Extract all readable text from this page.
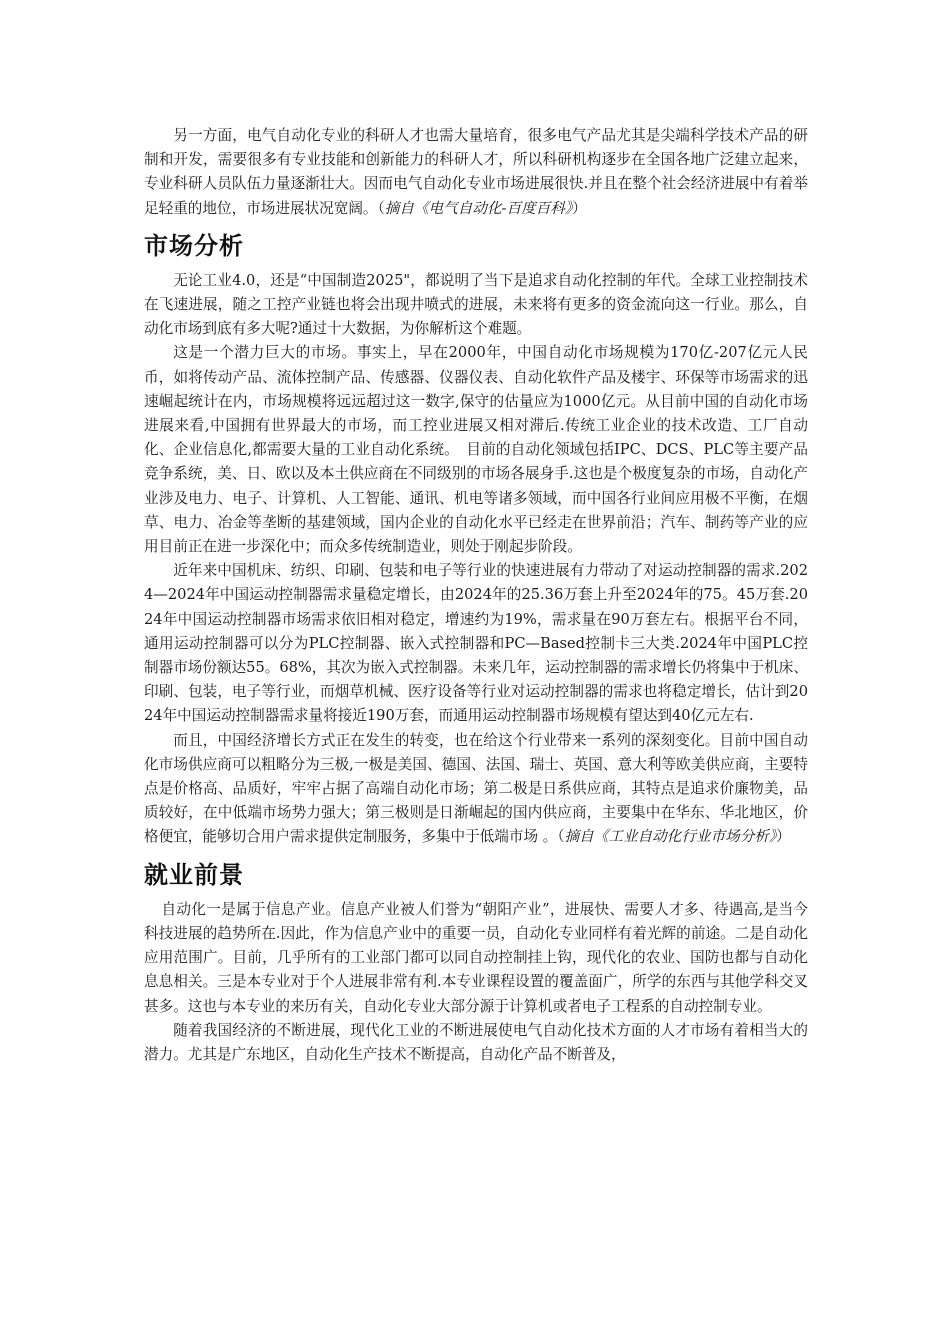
另一方面，电气自动化专业的科研人才也需大量培育，很多电气产品尤其是尖端科学技术产品的研制和开发，需要很多有专业技能和创新能力的科研人才，所以科研机构逐步在全国各地广泛建立起来，专业科研人员队伍力量逐渐壮大。因而电气自动化专业市场进展很快.并且在整个社会经济进展中有着举足轻重的地位，市场进展状况宽阔。（摘自《电气自动化-百度百科》）

市场分析

无论工业4.0，还是“中国制造2025"，都说明了当下是追求自动化控制的年代。全球工业控制技术在飞速进展，随之工控产业链也将会出现井喷式的进展，未来将有更多的资金流向这一行业。那么，自动化市场到底有多大呢?通过十大数据，为你解析这个难题。

这是一个潜力巨大的市场。事实上，早在2000年，中国自动化市场规模为170亿-207亿元人民币，如将传动产品、流体控制产品、传感器、仪器仪表、自动化软件产品及楼宇、环保等市场需求的迅速崛起统计在内，市场规模将远远超过这一数字,保守的估量应为1000亿元。从目前中国的自动化市场进展来看,中国拥有世界最大的市场，而工控业进展又相对滞后.传统工业企业的技术改造、工厂自动化、企业信息化,都需要大量的工业自动化系统。　目前的自动化领域包括IPC、DCS、PLC等主要产品竞争系统，美、日、欧以及本土供应商在不同级别的市场各展身手.这也是个极度复杂的市场，自动化产业涉及电力、电子、计算机、人工智能、通讯、机电等诸多领域，而中国各行业间应用极不平衡，在烟草、电力、冶金等垄断的基建领域，国内企业的自动化水平已经走在世界前沿；汽车、制药等产业的应用目前正在进一步深化中；而众多传统制造业，则处于刚起步阶段。

近年来中国机床、纺织、印刷、包装和电子等行业的快速进展有力带动了对运动控制器的需求.2024—2024年中国运动控制器需求量稳定增长，由2024年的25.36万套上升至2024年的75。45万套.2024年中国运动控制器市场需求依旧相对稳定，增速约为19%，需求量在90万套左右。根据平台不同，通用运动控制器可以分为PLC控制器、嵌入式控制器和PC—Based控制卡三大类.2024年中国PLC控制器市场份额达55。68%，其次为嵌入式控制器。未来几年，运动控制器的需求增长仍将集中于机床、印刷、包装，电子等行业，而烟草机械、医疗设备等行业对运动控制器的需求也将稳定增长，估计到2024年中国运动控制器需求量将接近190万套，而通用运动控制器市场规模有望达到40亿元左右.

而且，中国经济增长方式正在发生的转变，也在给这个行业带来一系列的深刻变化。目前中国自动化市场供应商可以粗略分为三极,一极是美国、德国、法国、瑞士、英国、意大利等欧美供应商，主要特点是价格高、品质好，牢牢占据了高端自动化市场；第二极是日系供应商，其特点是追求价廉物美，品质较好，在中低端市场势力强大；第三极则是日渐崛起的国内供应商，主要集中在华东、华北地区，价格便宜，能够切合用户需求提供定制服务，多集中于低端市场 。（摘自《工业自动化行业市场分析》）

就业前景

自动化一是属于信息产业。信息产业被人们誉为“朝阳产业”，进展快、需要人才多、待遇高,是当今科技进展的趋势所在.因此，作为信息产业中的重要一员，自动化专业同样有着光辉的前途。二是自动化应用范围广。目前，几乎所有的工业部门都可以同自动控制挂上钩，现代化的农业、国防也都与自动化息息相关。三是本专业对于个人进展非常有利.本专业课程设置的覆盖面广，所学的东西与其他学科交叉甚多。这也与本专业的来历有关，自动化专业大部分源于计算机或者电子工程系的自动控制专业。

随着我国经济的不断进展，现代化工业的不断进展使电气自动化技术方面的人才市场有着相当大的潜力。尤其是广东地区，自动化生产技术不断提高，自动化产品不断普及，
